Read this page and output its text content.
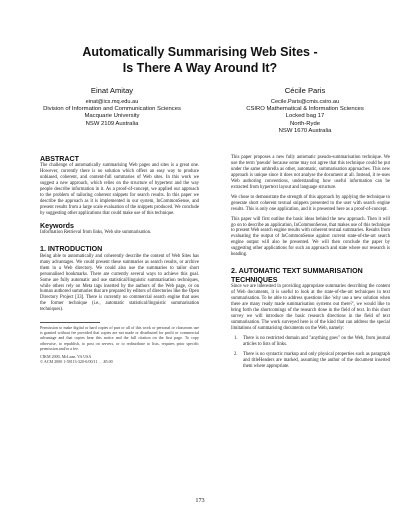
Automatically Summarising Web Sites -
Is There A Way Around It?
Einat Amitay
einat@ics.mq.edu.au
Division of Information and Communication Sciences
Macquarie University
NSW 2109 Australia
Cécile Paris
Cecile.Paris@cmis.csiro.au
CSIRO Mathematical & Information Sciences
Locked bag 17
North-Ryde
NSW 1670 Australia
ABSTRACT

The challenge of automatically summarising Web pages and sites is a great one. However, currently there is no solution which offers an easy way to produce unbiased, coherent, and content-full summaries of Web sites. In this work we suggest a new approach, which relies on the structure of hypertext and the way people describe information in it. As a proof-of-concept, we applied our approach to the problem of tailoring coherent snippets for search results. In this paper we describe the approach as it is implemented in our system, InCommonSense, and present results from a large scale evaluation of the snippets produced. We conclude by suggesting other applications that could make use of this technique.

Keywords

Information Retrieval from links, Web site summarisation.

1. INTRODUCTION

Being able to automatically and coherently describe the content of Web Sites has many advantages. We could present these summaries as search results, or archive them in a Web directory. We could also use the summaries to tailor short personalised bookmarks. There are currently several ways to achieve this goal. Some are fully automatic and use statistical/linguistic summarisation techniques, while others rely on Meta tags inserted by the authors of the Web page, or on human authored summaries that are prepared by editors of directories like the Open Directory Project [33]. There is currently no commercial search engine that uses the former technique (i.e., automatic statistical/linguistic summarisation techniques).

Permission to make digital or hard copies of part or all of this work or personal or classroom use is granted without fee provided that copies are not made or distributed for profit or commercial advantage and that copies bear this notice and the full citation on the first page. To copy otherwise, to republish, to post on servers, or to redistribute to lists, requires prior specific permission and/or a fee.

CIKM 2000, McLean, VA USA

© ACM 2000 1-58113-320-0/00/11 . . .$5.00

This paper proposes a new fully automatic pseudo-summarisation technique. We use the term 'pseudo' because some may not agree that this technique could be put under the same umbrella as other, automatic, summarisation approaches. This new approach is unique since it does not analyse the document at all. Instead, it re-uses Web authoring conventions, understanding how useful information can be extracted from hypertext layout and language structure.

We chose to demonstrate the strength of this approach by applying the technique to generate short coherent textual snippets presented to the user with search engine results. This is only one application, and it is presented here as a proof-of-concept.

This paper will first outline the basic ideas behind the new approach. Then it will go on to describe an application, InCommonSense, that makes use of this technique to present Web search engine results with coherent textual summaries. Results from evaluating the output of InCommonSense against current state-of-the-art search engine output will also be presented. We will then conclude the paper by suggesting other applications for such an approach and state where our research is heading.

2. AUTOMATIC TEXT SUMMARISATION
TECHNIQUES

Since we are interested in providing appropriate summaries describing the content of Web documents, it is useful to look at the state-of-the-art techniques in text summarisation. To be able to address questions like 'why use a new solution when there are many ready made summarisation systems out there?', we would like to bring forth the shortcomings of the research done in the field of text. In this short survey we will introduce the basic research directions in the field of text summarisation. The work surveyed here is of the kind that can address the special limitations of summarising documents on the Web, namely:

1.	There is no restricted domain and "anything goes" on the Web, from journal articles to lists of links.
2.	There is no syntactic markup and only physical properties such as paragraph and titleHeaders are marked, assuming the author of the document inserted them where appropriate.
173
